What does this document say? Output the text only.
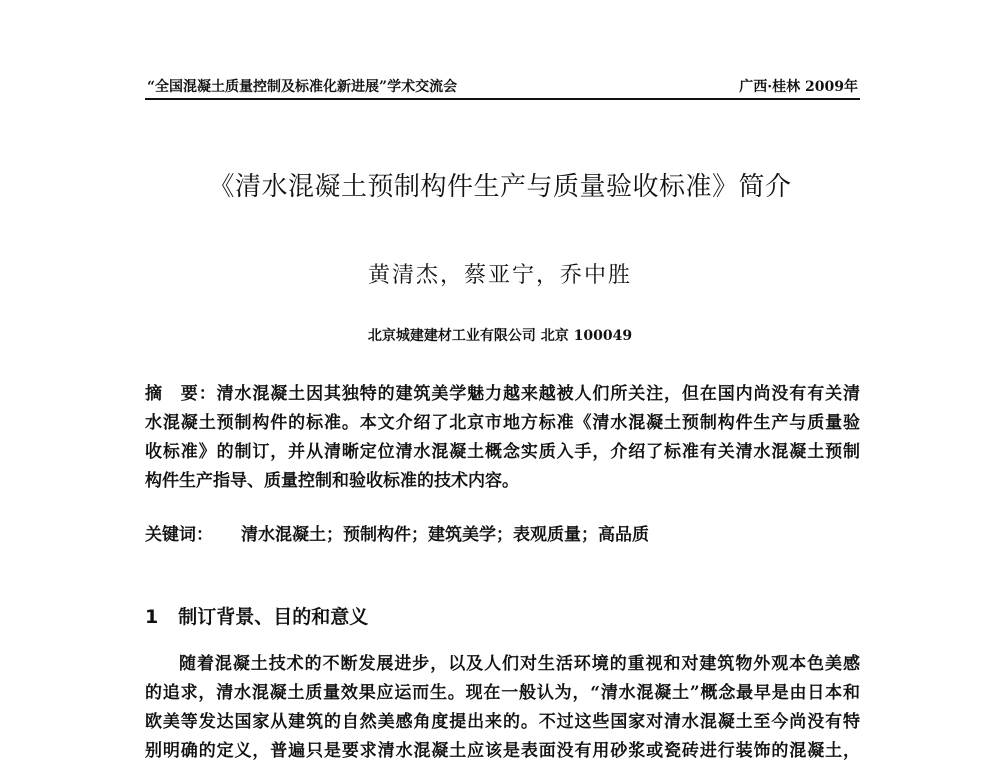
“全国混凝土质量控制及标准化新进展”学术交流会	广西·桂林 2009年
《清水混凝土预制构件生产与质量验收标准》简介
黄清杰，蔡亚宁，乔中胜
北京城建建材工业有限公司 北京 100049
摘　要：清水混凝土因其独特的建筑美学魅力越来越被人们所关注，但在国内尚没有有关清
水混凝土预制构件的标准。本文介绍了北京市地方标准《清水混凝土预制构件生产与质量验
收标准》的制订，并从清晰定位清水混凝土概念实质入手，介绍了标准有关清水混凝土预制
构件生产指导、质量控制和验收标准的技术内容。
关键词： 清水混凝土；预制构件；建筑美学；表观质量；高品质
1 制订背景、目的和意义
随着混凝土技术的不断发展进步，以及人们对生活环境的重视和对建筑物外观本色美感
的追求，清水混凝土质量效果应运而生。现在一般认为，“清水混凝土”概念最早是由日本和
欧美等发达国家从建筑的自然美感角度提出来的。不过这些国家对清水混凝土至今尚没有特
别明确的定义，普遍只是要求清水混凝土应该是表面没有用砂浆或瓷砖进行装饰的混凝土，
